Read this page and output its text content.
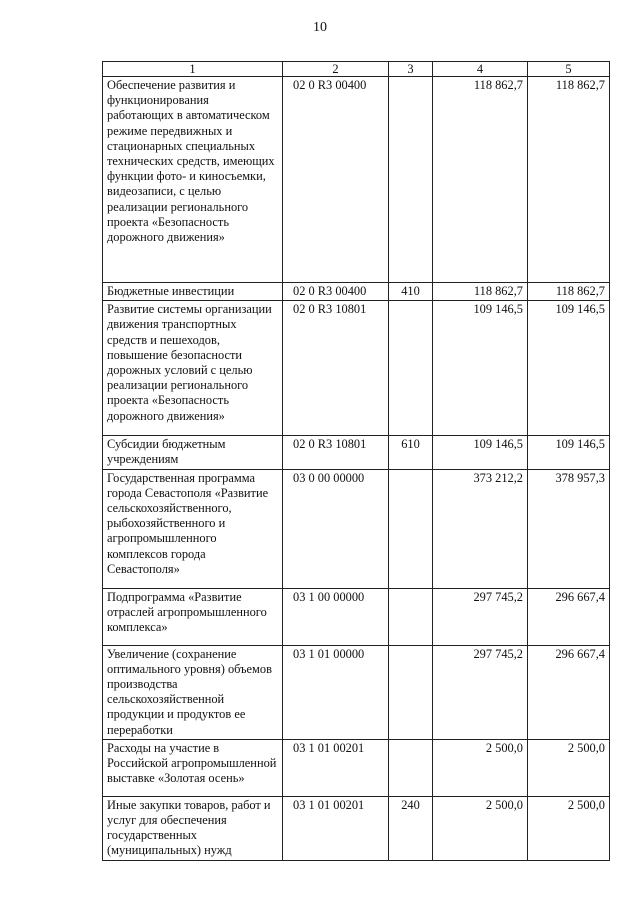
10
1	2	3	4	5
Обеспечение развития и функционирования работающих в автоматическом режиме передвижных и стационарных специальных технических средств, имеющих функции фото- и киносъемки, видеозаписи, с целью реализации регионального проекта «Безопасность дорожного движения»	02 0 R3 00400		118 862,7	118 862,7
Бюджетные инвестиции	02 0 R3 00400	410	118 862,7	118 862,7
Развитие системы организации движения транспортных средств и пешеходов, повышение безопасности дорожных условий с целью реализации регионального проекта «Безопасность дорожного движения»	02 0 R3 10801		109 146,5	109 146,5
Субсидии бюджетным учреждениям	02 0 R3 10801	610	109 146,5	109 146,5
Государственная программа города Севастополя «Развитие сельскохозяйственного, рыбохозяйственного и агропромышленного комплексов города Севастополя»	03 0 00 00000		373 212,2	378 957,3
Подпрограмма «Развитие отраслей агропромышленного комплекса»	03 1 00 00000		297 745,2	296 667,4
Увеличение (сохранение оптимального уровня) объемов производства сельскохозяйственной продукции и продуктов ее переработки	03 1 01 00000		297 745,2	296 667,4
Расходы на участие в Российской агропромышленной выставке «Золотая осень»	03 1 01 00201		2 500,0	2 500,0
Иные закупки товаров, работ и услуг для обеспечения государственных (муниципальных) нужд	03 1 01 00201	240	2 500,0	2 500,0
